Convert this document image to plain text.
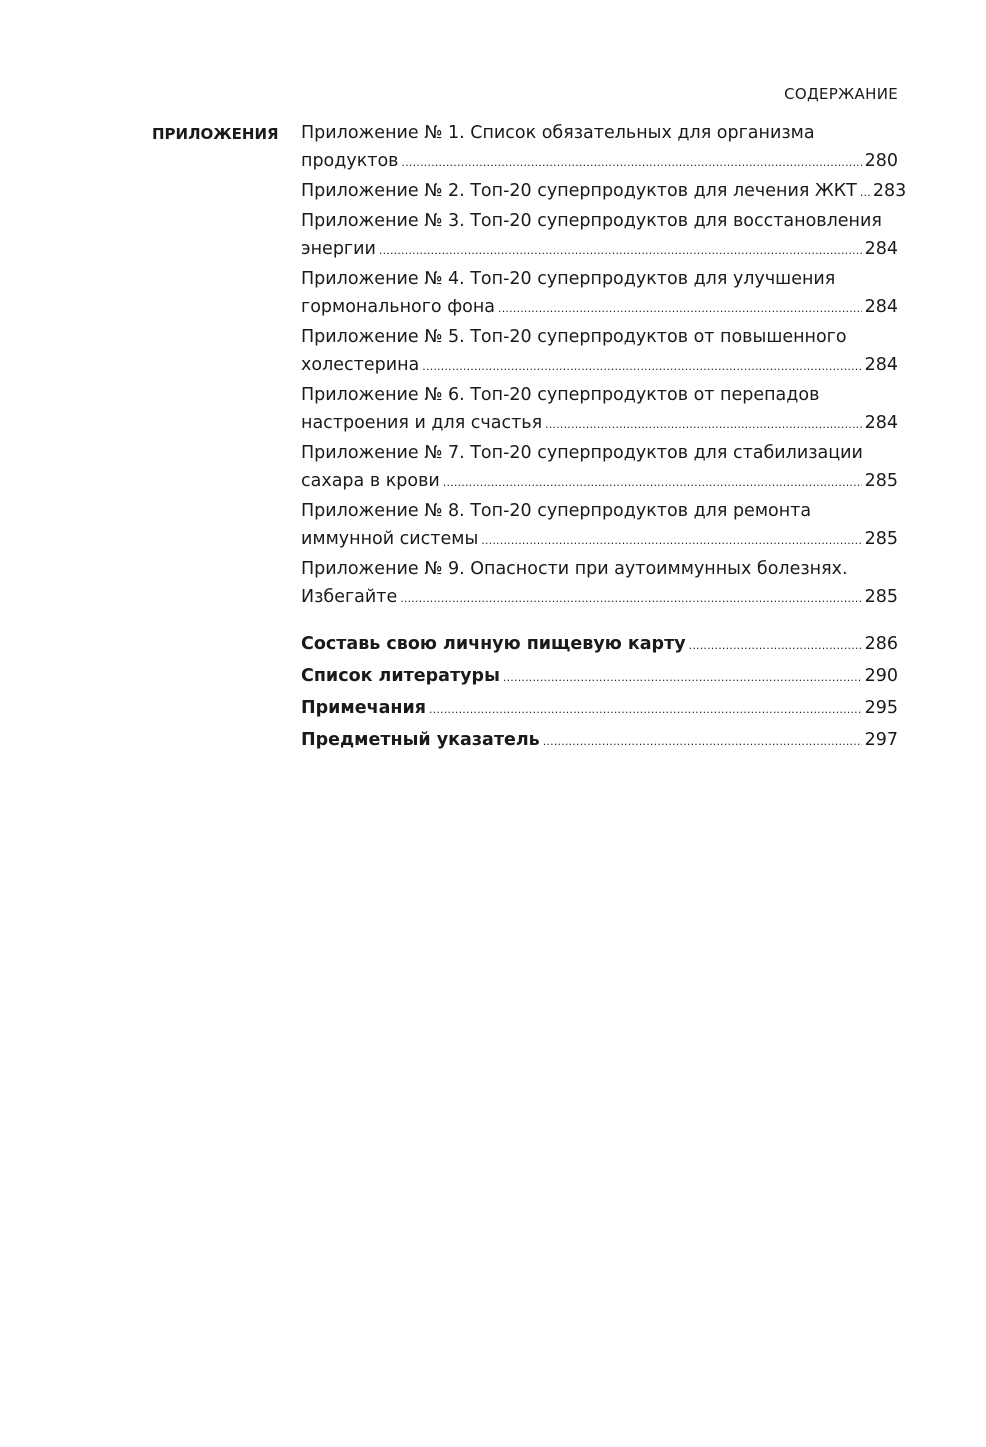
СОДЕРЖАНИЕ
ПРИЛОЖЕНИЯ Приложение № 1. Список обязательных для организма
продуктов .....	280
Приложение № 2. Топ-20 суперпродуктов для лечения ЖКТ ..... 283
Приложение № 3. Топ-20 суперпродуктов для восстановления
энергии .....	284
Приложение № 4. Топ-20 суперпродуктов для улучшения
гормонального фона .....	284
Приложение № 5. Топ-20 суперпродуктов от повышенного
холестерина .....	284
Приложение № 6. Топ-20 суперпродуктов от перепадов
настроения и для счастья .....	284
Приложение № 7. Топ-20 суперпродуктов для стабилизации
сахара в крови .....	285
Приложение № 8. Топ-20 суперпродуктов для ремонта
иммунной системы .....	285
Приложение № 9. Опасности при аутоиммунных болезнях.
Избегайте .....	285
Составь свою личную пищевую карту .....	286
Список литературы .....	290
Примечания .....	295
Предметный указатель .....	297
